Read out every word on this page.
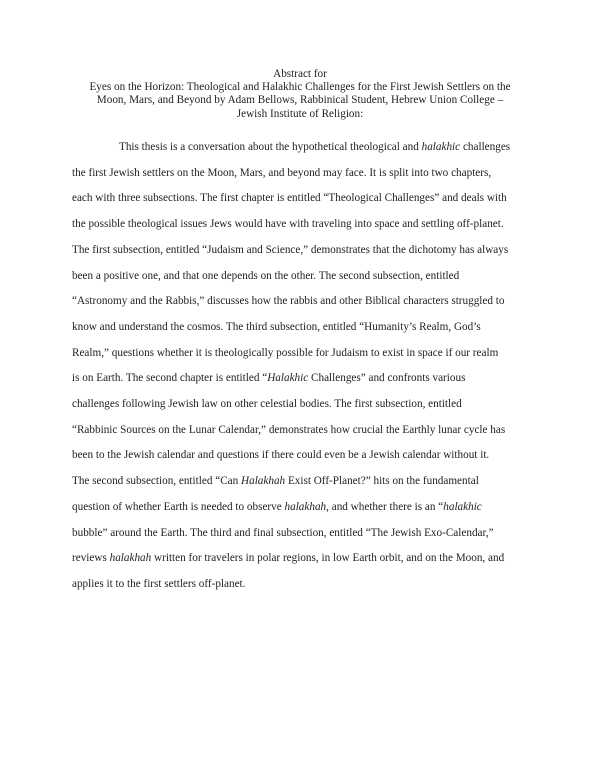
Abstract for
Eyes on the Horizon: Theological and Halakhic Challenges for the First Jewish Settlers on the
Moon, Mars, and Beyond by Adam Bellows, Rabbinical Student, Hebrew Union College –
Jewish Institute of Religion:
This thesis is a conversation about the hypothetical theological and halakhic challenges
the first Jewish settlers on the Moon, Mars, and beyond may face. It is split into two chapters,
each with three subsections. The first chapter is entitled “Theological Challenges” and deals with
the possible theological issues Jews would have with traveling into space and settling off-planet.
The first subsection, entitled “Judaism and Science,” demonstrates that the dichotomy has always
been a positive one, and that one depends on the other. The second subsection, entitled
“Astronomy and the Rabbis,” discusses how the rabbis and other Biblical characters struggled to
know and understand the cosmos. The third subsection, entitled “Humanity’s Realm, God’s
Realm,” questions whether it is theologically possible for Judaism to exist in space if our realm
is on Earth. The second chapter is entitled “Halakhic Challenges” and confronts various
challenges following Jewish law on other celestial bodies. The first subsection, entitled
“Rabbinic Sources on the Lunar Calendar,” demonstrates how crucial the Earthly lunar cycle has
been to the Jewish calendar and questions if there could even be a Jewish calendar without it.
The second subsection, entitled “Can Halakhah Exist Off-Planet?” hits on the fundamental
question of whether Earth is needed to observe halakhah, and whether there is an “halakhic
bubble” around the Earth. The third and final subsection, entitled “The Jewish Exo-Calendar,”
reviews halakhah written for travelers in polar regions, in low Earth orbit, and on the Moon, and
applies it to the first settlers off-planet.
